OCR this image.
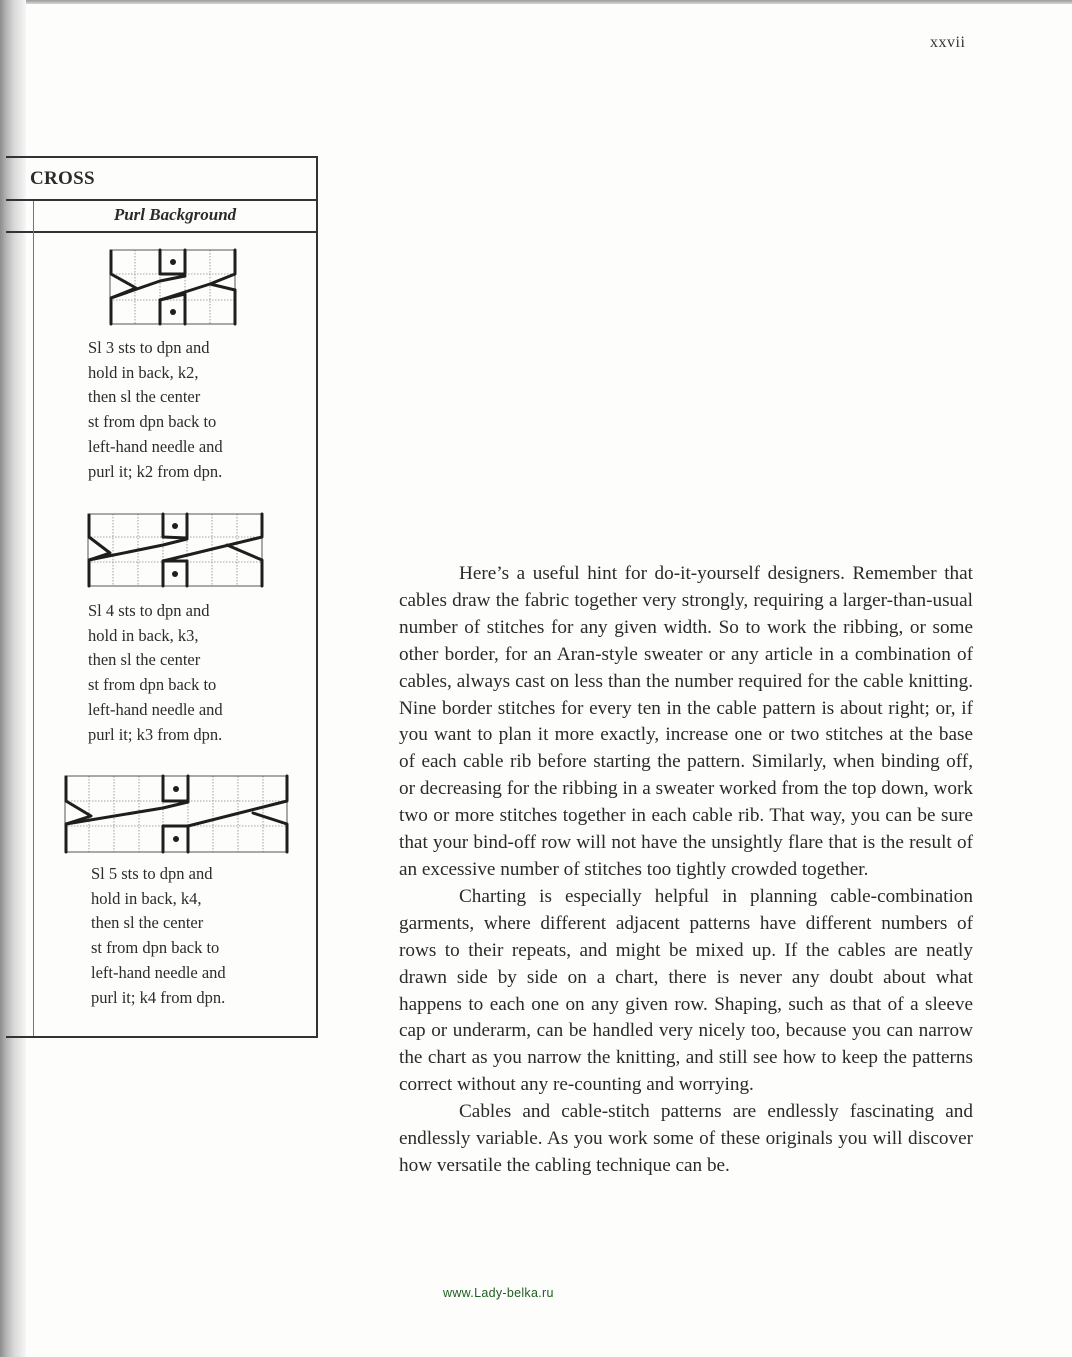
xxvii
CROSS
Purl Background
Sl 3 sts to dpn and
hold in back, k2,
then sl the center
st from dpn back to
left-hand needle and
purl it; k2 from dpn.
Sl 4 sts to dpn and
hold in back, k3,
then sl the center
st from dpn back to
left-hand needle and
purl it; k3 from dpn.
Sl 5 sts to dpn and
hold in back, k4,
then sl the center
st from dpn back to
left-hand needle and
purl it; k4 from dpn.

Here’s a useful hint for do-it-yourself designers. Remember that cables draw the fabric together very strongly, requiring a larger-than-usual number of stitches for any given width. So to work the ribbing, or some other border, for an Aran-style sweater or any article in a combination of cables, always cast on less than the number required for the cable knitting. Nine border stitches for every ten in the cable pattern is about right; or, if you want to plan it more exactly, increase one or two stitches at the base of each cable rib before starting the pattern. Similarly, when binding off, or decreasing for the ribbing in a sweater worked from the top down, work two or more stitches together in each cable rib. That way, you can be sure that your bind-off row will not have the unsightly flare that is the result of an excessive number of stitches too tightly crowded together.

Charting is especially helpful in planning cable-combination garments, where different adjacent patterns have different numbers of rows to their repeats, and might be mixed up. If the cables are neatly drawn side by side on a chart, there is never any doubt about what happens to each one on any given row. Shaping, such as that of a sleeve cap or underarm, can be handled very nicely too, because you can narrow the chart as you narrow the knitting, and still see how to keep the patterns correct without any re-counting and worrying.

Cables and cable-stitch patterns are endlessly fascinating and endlessly variable. As you work some of these originals you will discover how versatile the cabling technique can be.

www.Lady-belka.ru
